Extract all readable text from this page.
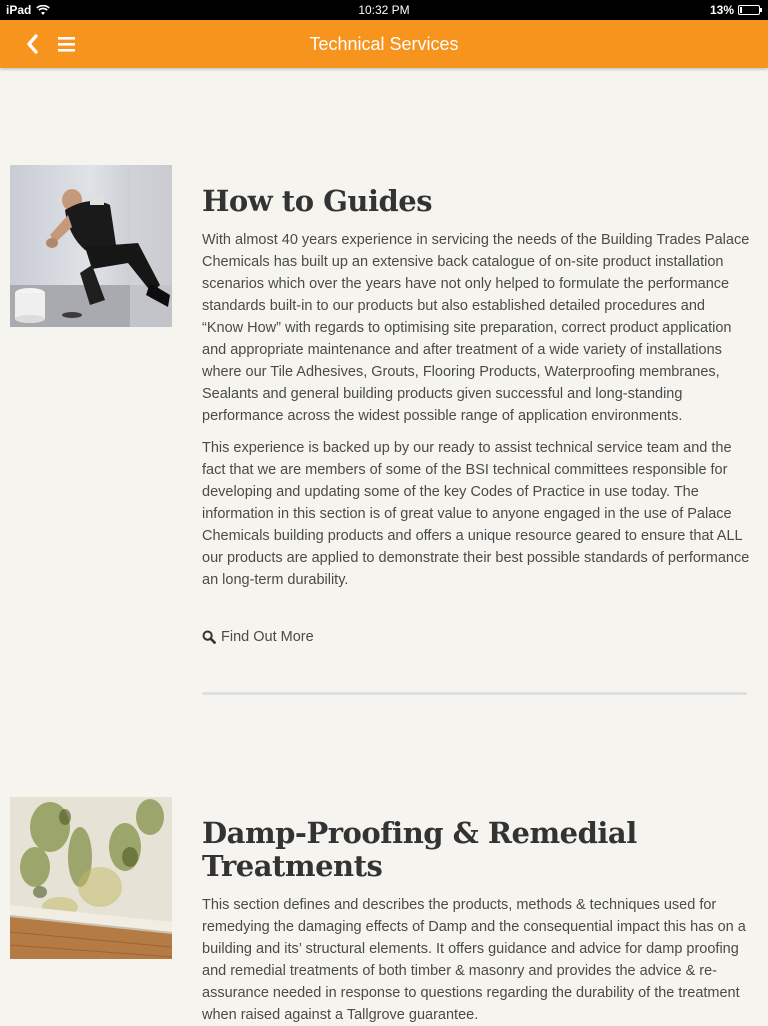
iPad	10:32 PM	13%
Technical Services
How to Guides

With almost 40 years experience in servicing the needs of the Building Trades Palace Chemicals has built up an extensive back catalogue of on-site product installation scenarios which over the years have not only helped to formulate the performance standards built-in to our products but also established detailed procedures and “Know How” with regards to optimising site preparation, correct product application and appropriate maintenance and after treatment of a wide variety of installations where our Tile Adhesives, Grouts, Flooring Products, Waterproofing membranes, Sealants and general building products given successful and long-standing performance across the widest possible range of application environments.

This experience is backed up by our ready to assist technical service team and the fact that we are members of some of the BSI technical committees responsible for developing and updating some of the key Codes of Practice in use today. The information in this section is of great value to anyone engaged in the use of Palace Chemicals building products and offers a unique resource geared to ensure that ALL our products are applied to demonstrate their best possible standards of performance an long-term durability.

Find Out More
Damp-Proofing & Remedial Treatments

This section defines and describes the products, methods & techniques used for remedying the damaging effects of Damp and the consequential impact this has on a building and its’ structural elements. It offers guidance and advice for damp proofing and remedial treatments of both timber & masonry and provides the advice & re-assurance needed in response to questions regarding the durability of the treatment when raised against a Tallgrove guarantee.
